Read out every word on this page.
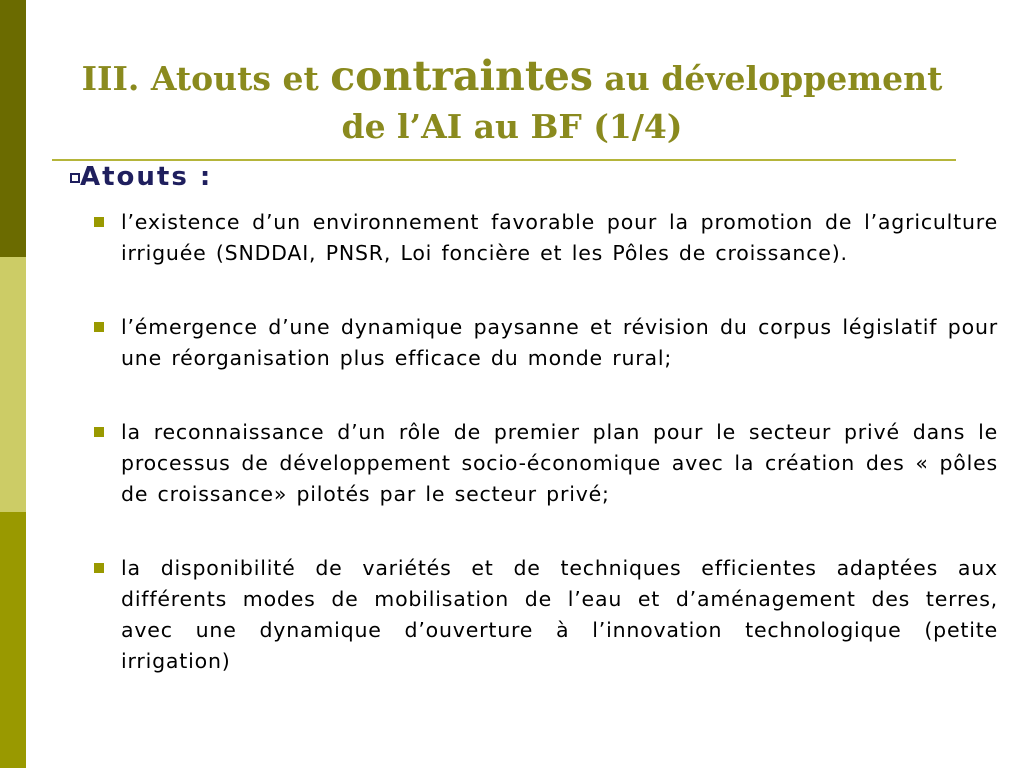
III. Atouts et contraintes au développement
de l’AI au BF (1/4)
Atouts :
l’existence d’un environnement favorable pour la promotion de l’agriculture irriguée (SNDDAI, PNSR, Loi foncière et les Pôles de croissance).
l’émergence d’une dynamique paysanne et révision du corpus législatif pour une réorganisation plus efficace du monde rural;
la reconnaissance d’un rôle de premier plan pour le secteur privé dans le processus de développement socio-économique avec la création des « pôles de croissance» pilotés par le secteur privé;
la disponibilité de variétés et de techniques efficientes adaptées aux différents modes de mobilisation de l’eau et d’aménagement des terres, avec une dynamique d’ouverture à l’innovation technologique (petite irrigation)
